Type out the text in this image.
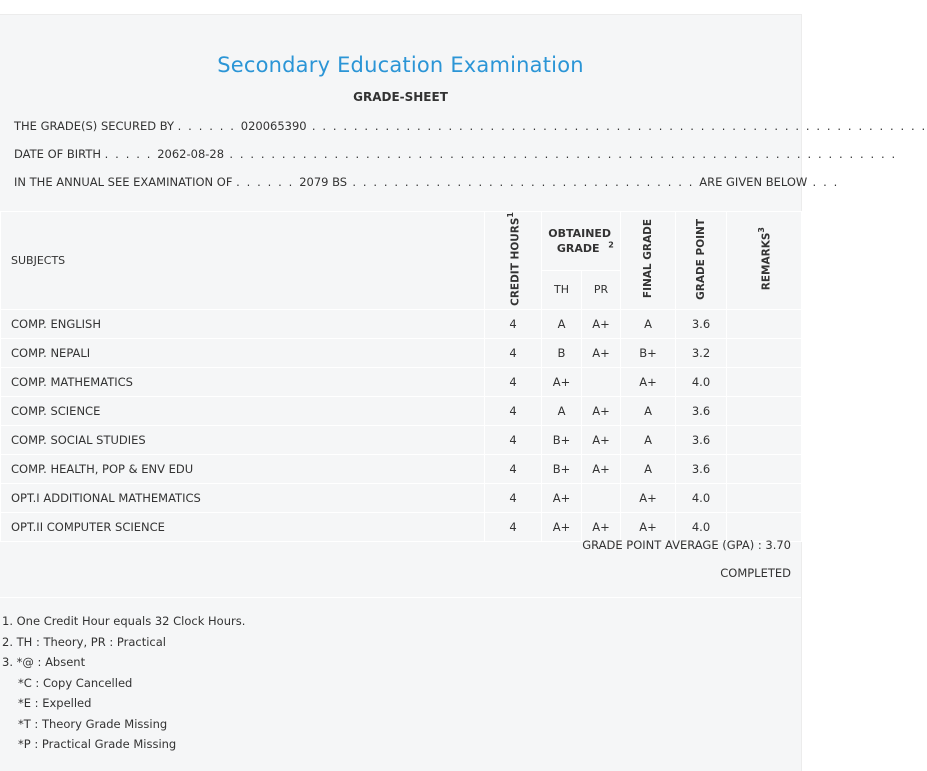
Secondary Education Examination
GRADE-SHEET
THE GRADE(S) SECURED BY . . . . . . 020065390 . . . . . . . . . . . . . . . . . . . . . . . . . . . . . . . . . . . . . . . . . . . . . . . . . . . . . . . . . . .
DATE OF BIRTH . . . . . 2062-08-28 . . . . . . . . . . . . . . . . . . . . . . . . . . . . . . . . . . . . . . . . . . . . . . . . . . . . . . . . . . . . . . . .
IN THE ANNUAL SEE EXAMINATION OF . . . . . . 2079 BS . . . . . . . . . . . . . . . . . . . . . . . . . . . . . . . . . ARE GIVEN BELOW . . .
SUBJECTS	CREDIT HOURS$^1$	OBTAINED GRADE $^2$		FINAL GRADE	GRADE POINT	REMARKS$^3$
		TH	PR			
COMP. ENGLISH	4	A	A+	A	3.6	
COMP. NEPALI	4	B	A+	B+	3.2	
COMP. MATHEMATICS	4	A+		A+	4.0	
COMP. SCIENCE	4	A	A+	A	3.6	
COMP. SOCIAL STUDIES	4	B+	A+	A	3.6	
COMP. HEALTH, POP & ENV EDU	4	B+	A+	A	3.6	
OPT.I ADDITIONAL MATHEMATICS	4	A+		A+	4.0	
OPT.II COMPUTER SCIENCE	4	A+	A+	A+	4.0	
GRADE POINT AVERAGE (GPA) : 3.70
COMPLETED
1. One Credit Hour equals 32 Clock Hours.
2. TH : Theory, PR : Practical
3. *@ : Absent
*C : Copy Cancelled
*E : Expelled
*T : Theory Grade Missing
*P : Practical Grade Missing
